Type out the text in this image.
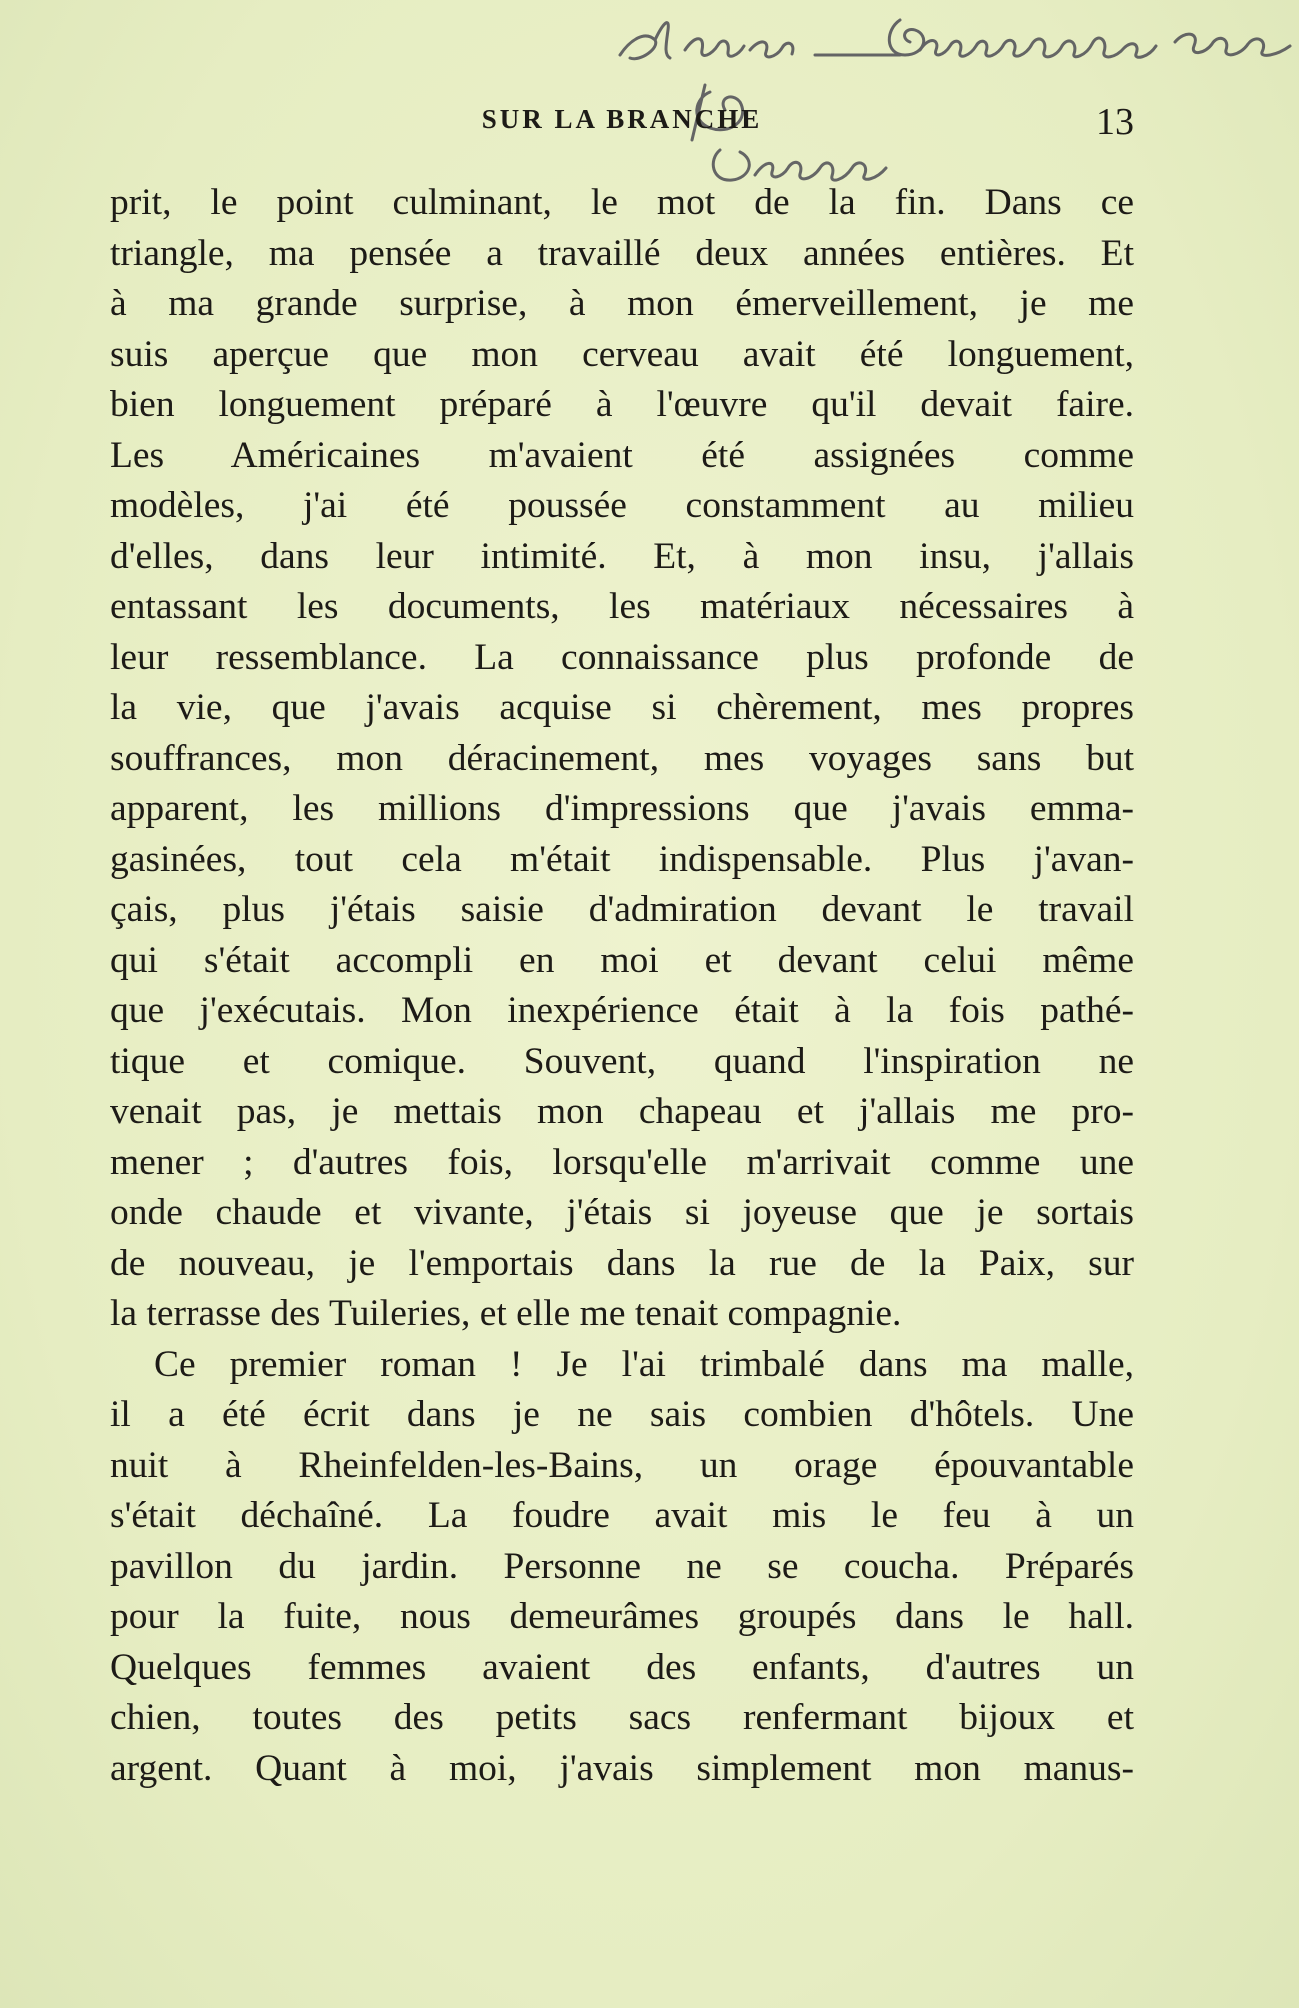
SUR LA BRANCHE	13
prit, le point culminant, le mot de la fin. Dans ce
triangle, ma pensée a travaillé deux années entières. Et
à ma grande surprise, à mon émerveillement, je me
suis aperçue que mon cerveau avait été longuement,
bien longuement préparé à l'œuvre qu'il devait faire.
Les Américaines m'avaient été assignées comme
modèles, j'ai été poussée constamment au milieu
d'elles, dans leur intimité. Et, à mon insu, j'allais
entassant les documents, les matériaux nécessaires à
leur ressemblance. La connaissance plus profonde de
la vie, que j'avais acquise si chèrement, mes propres
souffrances, mon déracinement, mes voyages sans but
apparent, les millions d'impressions que j'avais emma-
gasinées, tout cela m'était indispensable. Plus j'avan-
çais, plus j'étais saisie d'admiration devant le travail
qui s'était accompli en moi et devant celui même
que j'exécutais. Mon inexpérience était à la fois pathé-
tique et comique. Souvent, quand l'inspiration ne
venait pas, je mettais mon chapeau et j'allais me pro-
mener ; d'autres fois, lorsqu'elle m'arrivait comme une
onde chaude et vivante, j'étais si joyeuse que je sortais
de nouveau, je l'emportais dans la rue de la Paix, sur
la terrasse des Tuileries, et elle me tenait compagnie.
Ce premier roman ! Je l'ai trimbalé dans ma malle,
il a été écrit dans je ne sais combien d'hôtels. Une
nuit à Rheinfelden-les-Bains, un orage épouvantable
s'était déchaîné. La foudre avait mis le feu à un
pavillon du jardin. Personne ne se coucha. Préparés
pour la fuite, nous demeurâmes groupés dans le hall.
Quelques femmes avaient des enfants, d'autres un
chien, toutes des petits sacs renfermant bijoux et
argent. Quant à moi, j'avais simplement mon manus-
